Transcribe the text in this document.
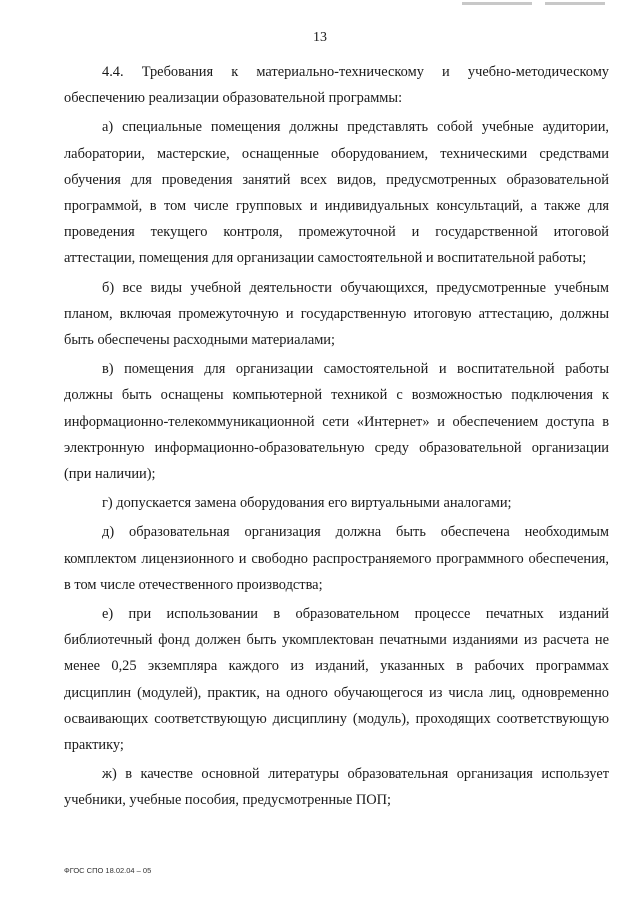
13

4.4. Требования к материально-техническому и учебно-методическому обеспечению реализации образовательной программы:

а) специальные помещения должны представлять собой учебные аудитории, лаборатории, мастерские, оснащенные оборудованием, техническими средствами обучения для проведения занятий всех видов, предусмотренных образовательной программой, в том числе групповых и индивидуальных консультаций, а также для проведения текущего контроля, промежуточной и государственной итоговой аттестации, помещения для организации самостоятельной и воспитательной работы;

б) все виды учебной деятельности обучающихся, предусмотренные учебным планом, включая промежуточную и государственную итоговую аттестацию, должны быть обеспечены расходными материалами;

в) помещения для организации самостоятельной и воспитательной работы должны быть оснащены компьютерной техникой с возможностью подключения к информационно-телекоммуникационной сети «Интернет» и обеспечением доступа в электронную информационно-образовательную среду образовательной организации (при наличии);

г) допускается замена оборудования его виртуальными аналогами;

д) образовательная организация должна быть обеспечена необходимым комплектом лицензионного и свободно распространяемого программного обеспечения, в том числе отечественного производства;

е) при использовании в образовательном процессе печатных изданий библиотечный фонд должен быть укомплектован печатными изданиями из расчета не менее 0,25 экземпляра каждого из изданий, указанных в рабочих программах дисциплин (модулей), практик, на одного обучающегося из числа лиц, одновременно осваивающих соответствующую дисциплину (модуль), проходящих соответствующую практику;

ж) в качестве основной литературы образовательная организация использует учебники, учебные пособия, предусмотренные ПОП;

ФГОС СПО 18.02.04 – 05
